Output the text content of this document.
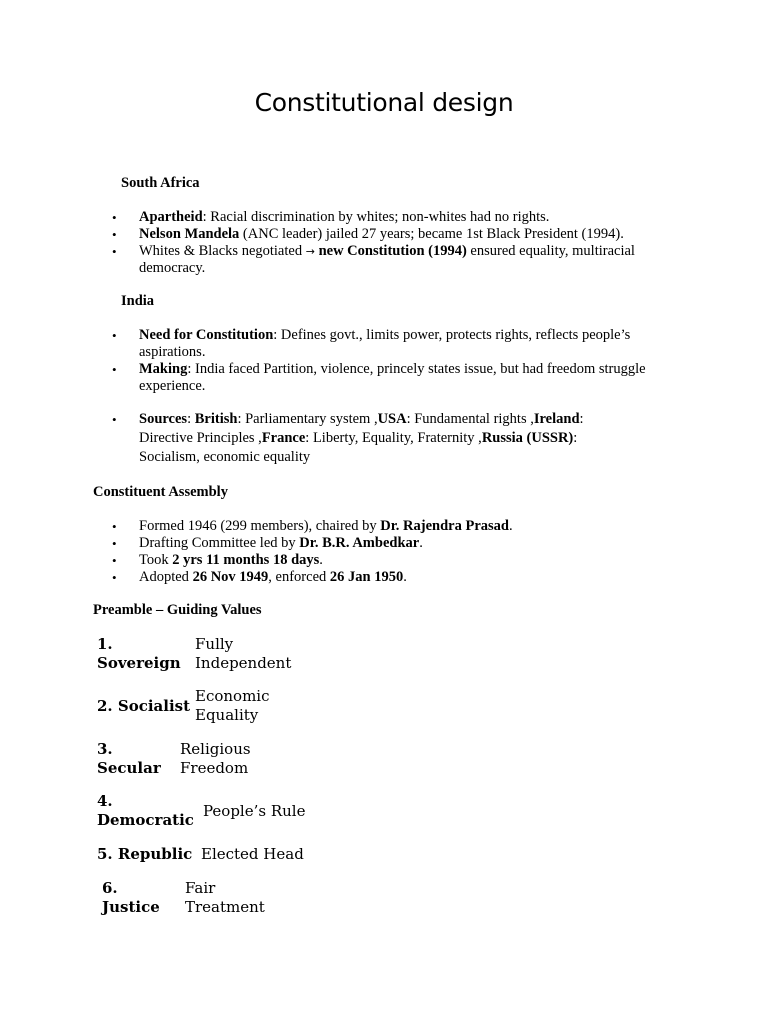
Constitutional design
South Africa
• Apartheid: Racial discrimination by whites; non-whites had no rights.
• Nelson Mandela (ANC leader) jailed 27 years; became 1st Black President (1994).
• Whites & Blacks negotiated → new Constitution (1994) ensured equality, multiracial democracy.
India
• Need for Constitution: Defines govt., limits power, protects rights, reflects people’s aspirations.
• Making: India faced Partition, violence, princely states issue, but had freedom struggle experience.
• Sources: British: Parliamentary system ,USA: Fundamental rights ,Ireland: Directive Principles ,France: Liberty, Equality, Fraternity ,Russia (USSR): Socialism, economic equality
Constituent Assembly
• Formed 1946 (299 members), chaired by Dr. Rajendra Prasad.
• Drafting Committee led by Dr. B.R. Ambedkar.
• Took 2 yrs 11 months 18 days.
• Adopted 26 Nov 1949, enforced 26 Jan 1950.
Preamble – Guiding Values
1.
Sovereign
Fully
Independent
2. Socialist
Economic
Equality
3.
Secular
Religious
Freedom
4.
Democratic
People’s Rule
5. Republic Elected Head
6.
Justice
Fair
Treatment
